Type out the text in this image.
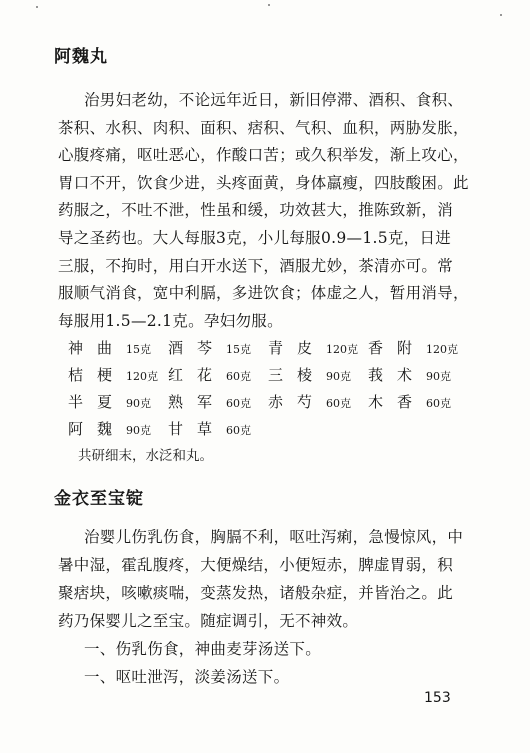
阿魏丸
治男妇老幼，不论远年近日，新旧停滞、酒积、食积、
茶积、水积、肉积、面积、痞积、气积、血积，两胁发胀，
心腹疼痛，呕吐恶心，作酸口苦；或久积举发，渐上攻心，
胃口不开，饮食少进，头疼面黄，身体羸瘦，四肢酸困。此
药服之，不吐不泄，性虽和缓，功效甚大，推陈致新，消
导之圣药也。大人每服3克，小儿每服0.9—1.5克，日进
三服，不拘时，用白开水送下，酒服尤妙，茶清亦可。常
服顺气消食，宽中利膈，多进饮食；体虚之人，暂用消导，
每服用1.5—2.1克。孕妇勿服。
神曲15克 酒芩15克 青皮120克 香附120克
桔梗120克 红花60克 三棱90克 莪术90克
半夏90克 熟军60克 赤芍60克 木香60克
阿魏90克 甘草60克
共研细末，水泛和丸。
金衣至宝锭
治婴儿伤乳伤食，胸膈不利，呕吐泻痢，急慢惊风，中
暑中湿，霍乱腹疼，大便燥结，小便短赤，脾虚胃弱，积
聚痞块，咳嗽痰喘，变蒸发热，诸般杂症，并皆治之。此
药乃保婴儿之至宝。随症调引，无不神效。
一、伤乳伤食，神曲麦芽汤送下。
一、呕吐泄泻，淡姜汤送下。
153
